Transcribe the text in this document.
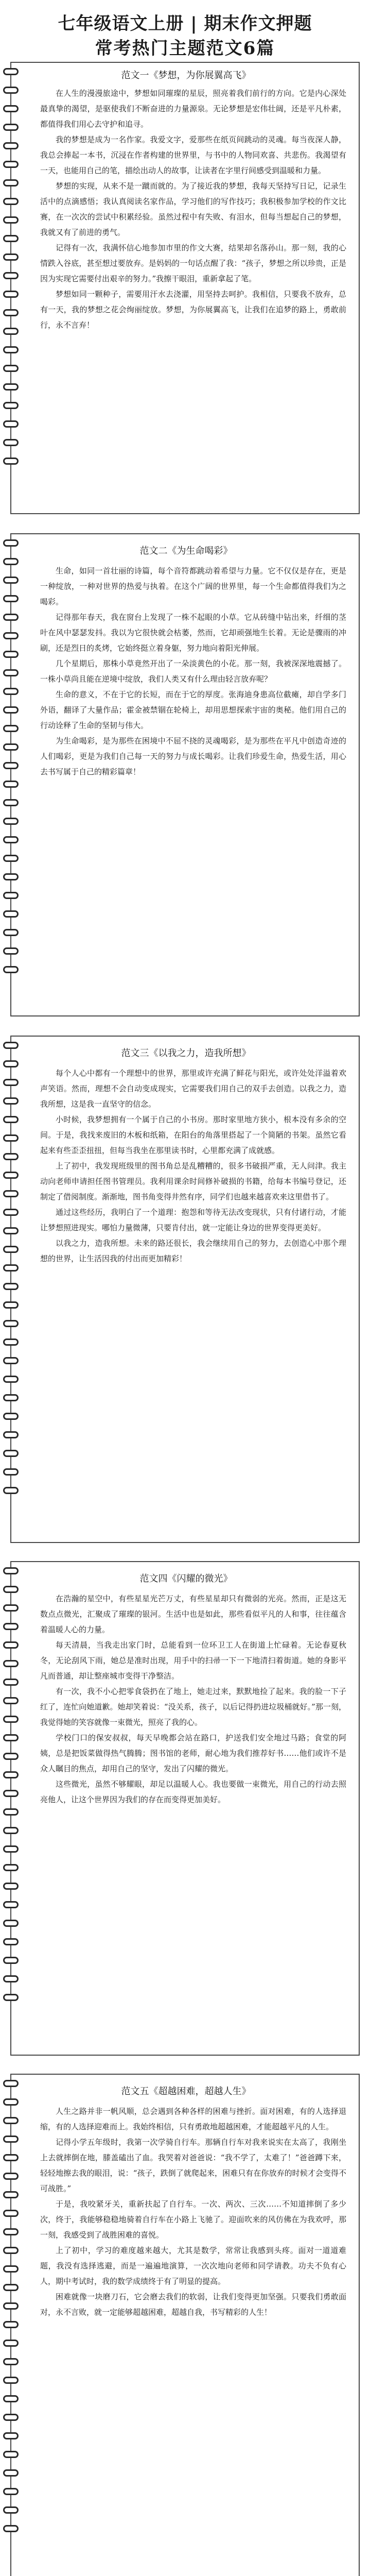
七年级语文上册 | 期末作文押题
常考热门主题范文6篇
范文一《梦想，为你展翼高飞》

在人生的漫漫旅途中，梦想如同璀璨的星辰，照亮着我们前行的方向。它是内心深处最真挚的渴望，是驱使我们不断奋进的力量源泉。无论梦想是宏伟壮阔，还是平凡朴素，都值得我们用心去守护和追寻。

我的梦想是成为一名作家。我爱文字，爱那些在纸页间跳动的灵魂。每当夜深人静，我总会捧起一本书，沉浸在作者构建的世界里，与书中的人物同欢喜、共悲伤。我渴望有一天，也能用自己的笔，描绘出动人的故事，让读者在字里行间感受到温暖和力量。

梦想的实现，从来不是一蹴而就的。为了接近我的梦想，我每天坚持写日记，记录生活中的点滴感悟；我认真阅读名家作品，学习他们的写作技巧；我积极参加学校的作文比赛，在一次次的尝试中积累经验。虽然过程中有失败、有泪水，但每当想起自己的梦想，我就又有了前进的勇气。

记得有一次，我满怀信心地参加市里的作文大赛，结果却名落孙山。那一刻，我的心情跌入谷底，甚至想过要放弃。是妈妈的一句话点醒了我：“孩子，梦想之所以珍贵，正是因为实现它需要付出艰辛的努力。”我擦干眼泪，重新拿起了笔。

梦想如同一颗种子，需要用汗水去浇灌，用坚持去呵护。我相信，只要我不放弃，总有一天，我的梦想之花会绚丽绽放。梦想，为你展翼高飞，让我们在追梦的路上，勇敢前行，永不言弃！

范文二《为生命喝彩》

生命，如同一首壮丽的诗篇，每个音符都跳动着希望与力量。它不仅仅是存在，更是一种绽放，一种对世界的热爱与执着。在这个广阔的世界里，每一个生命都值得我们为之喝彩。

记得那年春天，我在窗台上发现了一株不起眼的小草。它从砖缝中钻出来，纤细的茎叶在风中瑟瑟发抖。我以为它很快就会枯萎，然而，它却顽强地生长着。无论是骤雨的冲刷，还是烈日的炙烤，它始终挺立着身躯，努力地向着阳光伸展。

几个星期后，那株小草竟然开出了一朵淡黄色的小花。那一刻，我被深深地震撼了。一株小草尚且能在逆境中绽放，我们人类又有什么理由轻言放弃呢？

生命的意义，不在于它的长短，而在于它的厚度。张海迪身患高位截瘫，却自学多门外语，翻译了大量作品；霍金被禁锢在轮椅上，却用思想探索宇宙的奥秘。他们用自己的行动诠释了生命的坚韧与伟大。

为生命喝彩，是为那些在困境中不屈不挠的灵魂喝彩，是为那些在平凡中创造奇迹的人们喝彩，更是为我们自己每一天的努力与成长喝彩。让我们珍爱生命，热爱生活，用心去书写属于自己的精彩篇章！

范文三《以我之力，造我所想》

每个人心中都有一个理想中的世界，那里或许充满了鲜花与阳光，或许处处洋溢着欢声笑语。然而，理想不会自动变成现实，它需要我们用自己的双手去创造。以我之力，造我所想，这是我一直坚守的信念。

小时候，我梦想拥有一个属于自己的小书房。那时家里地方狭小，根本没有多余的空间。于是，我找来废旧的木板和纸箱，在阳台的角落里搭起了一个简陋的书架。虽然它看起来有些歪歪扭扭，但每当我坐在那里读书时，心里都充满了成就感。

上了初中，我发现班级里的图书角总是乱糟糟的，很多书破损严重，无人问津。我主动向老师申请担任图书管理员。我利用课余时间修补破损的书籍，给每本书编号登记，还制定了借阅制度。渐渐地，图书角变得井然有序，同学们也越来越喜欢来这里借书了。

通过这些经历，我明白了一个道理：抱怨和等待无法改变现状，只有付诸行动，才能让梦想照进现实。哪怕力量微薄，只要肯付出，就一定能让身边的世界变得更美好。

以我之力，造我所想。未来的路还很长，我会继续用自己的努力，去创造心中那个理想的世界，让生活因我的付出而更加精彩！

范文四《闪耀的微光》

在浩瀚的星空中，有些星星光芒万丈，有些星星却只有微弱的光亮。然而，正是这无数点点微光，汇聚成了璀璨的银河。生活中也是如此，那些看似平凡的人和事，往往蕴含着温暖人心的力量。

每天清晨，当我走出家门时，总能看到一位环卫工人在街道上忙碌着。无论春夏秋冬，无论刮风下雨，她总是准时出现，用手中的扫帚一下一下地清扫着街道。她的身影平凡而普通，却让整座城市变得干净整洁。

有一次，我不小心把零食袋扔在了地上，她走过来，默默地捡了起来。我的脸一下子红了，连忙向她道歉。她却笑着说：“没关系，孩子，以后记得扔进垃圾桶就好。”那一刻，我觉得她的笑容就像一束微光，照亮了我的心。

学校门口的保安叔叔，每天早晚都会站在路口，护送我们安全地过马路；食堂的阿姨，总是把饭菜做得热气腾腾；图书馆的老师，耐心地为我们推荐好书……他们或许不是众人瞩目的焦点，却用自己的坚守，发出了闪耀的微光。

这些微光，虽然不够耀眼，却足以温暖人心。我也要做一束微光，用自己的行动去照亮他人，让这个世界因为我们的存在而变得更加美好。

范文五《超越困难，超越人生》

人生之路并非一帆风顺，总会遇到各种各样的困难与挫折。面对困难，有的人选择退缩，有的人选择迎难而上。我始终相信，只有勇敢地超越困难，才能超越平凡的人生。

记得小学五年级时，我第一次学骑自行车。那辆自行车对我来说实在太高了，我刚坐上去就摔倒在地，膝盖磕出了血。我哭着对爸爸说：“我不学了，太难了！”爸爸蹲下来，轻轻地擦去我的眼泪，说：“孩子，跌倒了就爬起来，困难只有在你放弃的时候才会变得不可战胜。”

于是，我咬紧牙关，重新扶起了自行车。一次、两次、三次……不知道摔倒了多少次，终于，我能够稳稳地骑着自行车在小路上飞驰了。迎面吹来的风仿佛在为我欢呼，那一刻，我感受到了战胜困难的喜悦。

上了初中，学习的难度越来越大，尤其是数学，常常让我感到头疼。面对一道道难题，我没有选择逃避，而是一遍遍地演算，一次次地向老师和同学请教。功夫不负有心人，期中考试时，我的数学成绩终于有了明显的提高。

困难就像一块磨刀石，它会磨去我们的软弱，让我们变得更加坚强。只要我们勇敢面对，永不言败，就一定能够超越困难，超越自我，书写精彩的人生！
